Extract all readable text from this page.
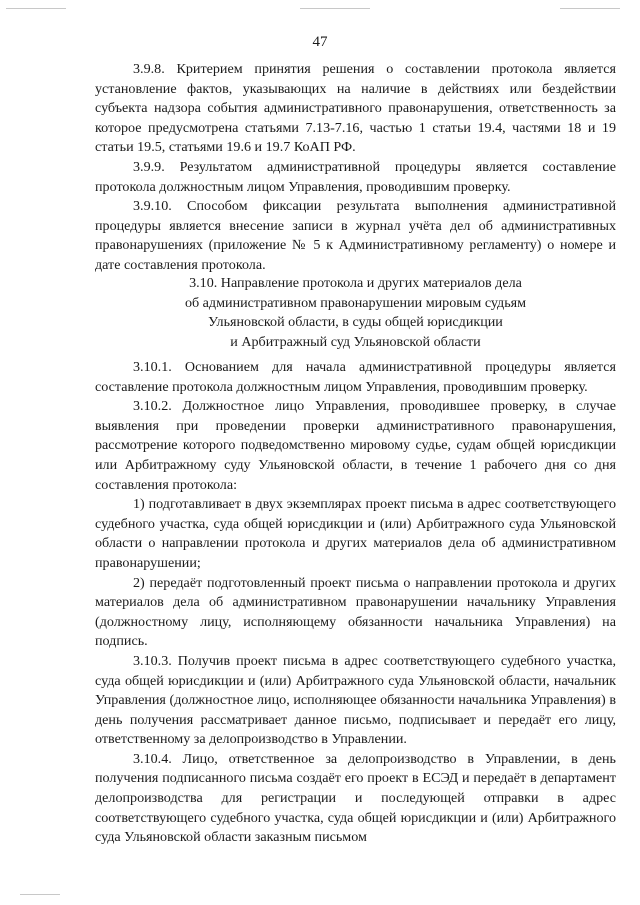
47

3.9.8. Критерием принятия решения о составлении протокола является установление фактов, указывающих на наличие в действиях или бездействии субъекта надзора события административного правонарушения, ответственность за которое предусмотрена статьями 7.13-7.16, частью 1 статьи 19.4, частями 18 и 19 статьи 19.5, статьями 19.6 и 19.7 КоАП РФ.

3.9.9. Результатом административной процедуры является составление протокола должностным лицом Управления, проводившим проверку.

3.9.10. Способом фиксации результата выполнения административной процедуры является внесение записи в журнал учёта дел об административных правонарушениях (приложение № 5 к Административному регламенту) о номере и дате составления протокола.

3.10. Направление протокола и других материалов дела
об административном правонарушении мировым судьям
Ульяновской области, в суды общей юрисдикции
и Арбитражный суд Ульяновской области

3.10.1. Основанием для начала административной процедуры является составление протокола должностным лицом Управления, проводившим проверку.

3.10.2. Должностное лицо Управления, проводившее проверку, в случае выявления при проведении проверки административного правонарушения, рассмотрение которого подведомственно мировому судье, судам общей юрисдикции или Арбитражному суду Ульяновской области, в течение 1 рабочего дня со дня составления протокола:

1) подготавливает в двух экземплярах проект письма в адрес соответствующего судебного участка, суда общей юрисдикции и (или) Арбитражного суда Ульяновской области о направлении протокола и других материалов дела об административном правонарушении;

2) передаёт подготовленный проект письма о направлении протокола и других материалов дела об административном правонарушении начальнику Управления (должностному лицу, исполняющему обязанности начальника Управления) на подпись.

3.10.3. Получив проект письма в адрес соответствующего судебного участка, суда общей юрисдикции и (или) Арбитражного суда Ульяновской области, начальник Управления (должностное лицо, исполняющее обязанности начальника Управления) в день получения рассматривает данное письмо, подписывает и передаёт его лицу, ответственному за делопроизводство в Управлении.

3.10.4. Лицо, ответственное за делопроизводство в Управлении, в день получения подписанного письма создаёт его проект в ЕСЭД и передаёт в департамент делопроизводства для регистрации и последующей отправки в адрес соответствующего судебного участка, суда общей юрисдикции и (или) Арбитражного суда Ульяновской области заказным письмом
